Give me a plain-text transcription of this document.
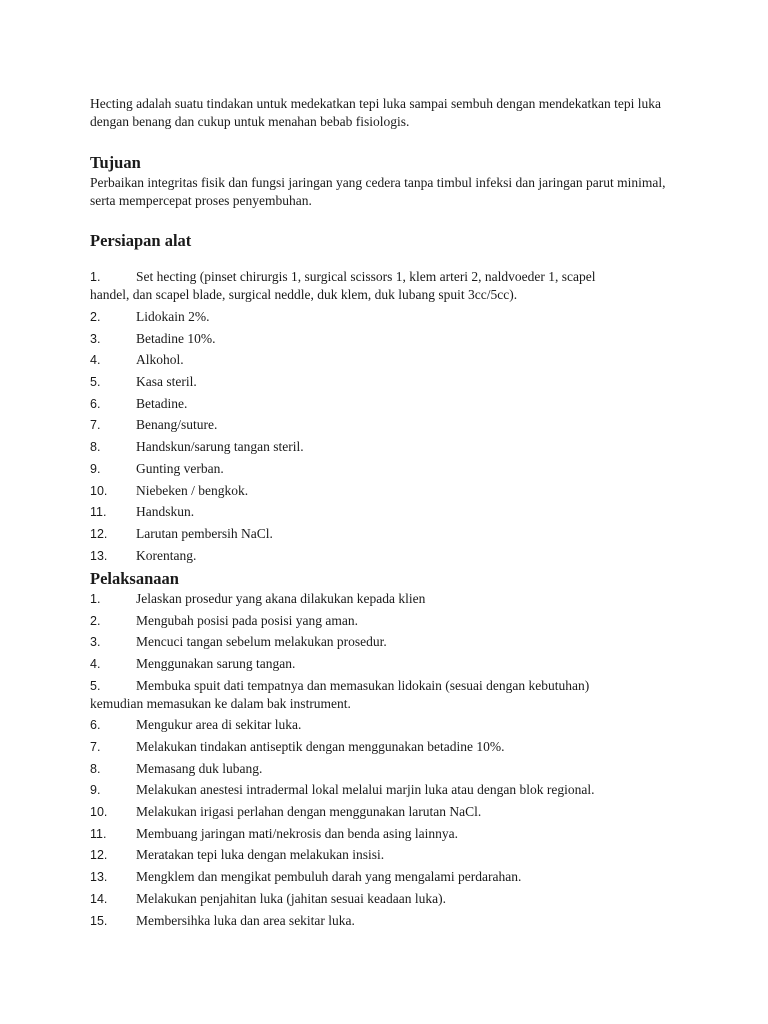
Hecting adalah suatu tindakan untuk medekatkan tepi luka sampai sembuh dengan mendekatkan tepi luka dengan benang dan cukup untuk menahan bebab fisiologis.
Tujuan
Perbaikan integritas fisik dan fungsi jaringan yang cedera tanpa timbul infeksi dan jaringan parut minimal, serta mempercepat proses penyembuhan.
Persiapan alat
1.	Set hecting (pinset chirurgis 1, surgical scissors 1, klem arteri 2, naldvoeder 1, scapel
handel, dan scapel blade, surgical neddle, duk klem, duk lubang spuit 3cc/5cc).
2.	Lidokain 2%.
3.	Betadine 10%.
4.	Alkohol.
5.	Kasa steril.
6.	Betadine.
7.	Benang/suture.
8.	Handskun/sarung tangan steril.
9.	Gunting verban.
10. Niebeken / bengkok.
11. Handskun.
12. Larutan pembersih NaCl.
13. Korentang.
Pelaksanaan
1.	Jelaskan prosedur yang akana dilakukan kepada klien
2.	Mengubah posisi pada posisi yang aman.
3.	Mencuci tangan sebelum melakukan prosedur.
4.	Menggunakan sarung tangan.
5.	Membuka spuit dati tempatnya dan memasukan lidokain (sesuai dengan kebutuhan)
kemudian memasukan ke dalam bak instrument.
6.	Mengukur area di sekitar luka.
7.	Melakukan tindakan antiseptik dengan menggunakan betadine 10%.
8.	Memasang duk lubang.
9.	Melakukan anestesi intradermal lokal melalui marjin luka atau dengan blok regional.
10. Melakukan irigasi perlahan dengan menggunakan larutan NaCl.
11. Membuang jaringan mati/nekrosis dan benda asing lainnya.
12. Meratakan tepi luka dengan melakukan insisi.
13. Mengklem dan mengikat pembuluh darah yang mengalami perdarahan.
14. Melakukan penjahitan luka (jahitan sesuai keadaan luka).
15. Membersihka luka dan area sekitar luka.
